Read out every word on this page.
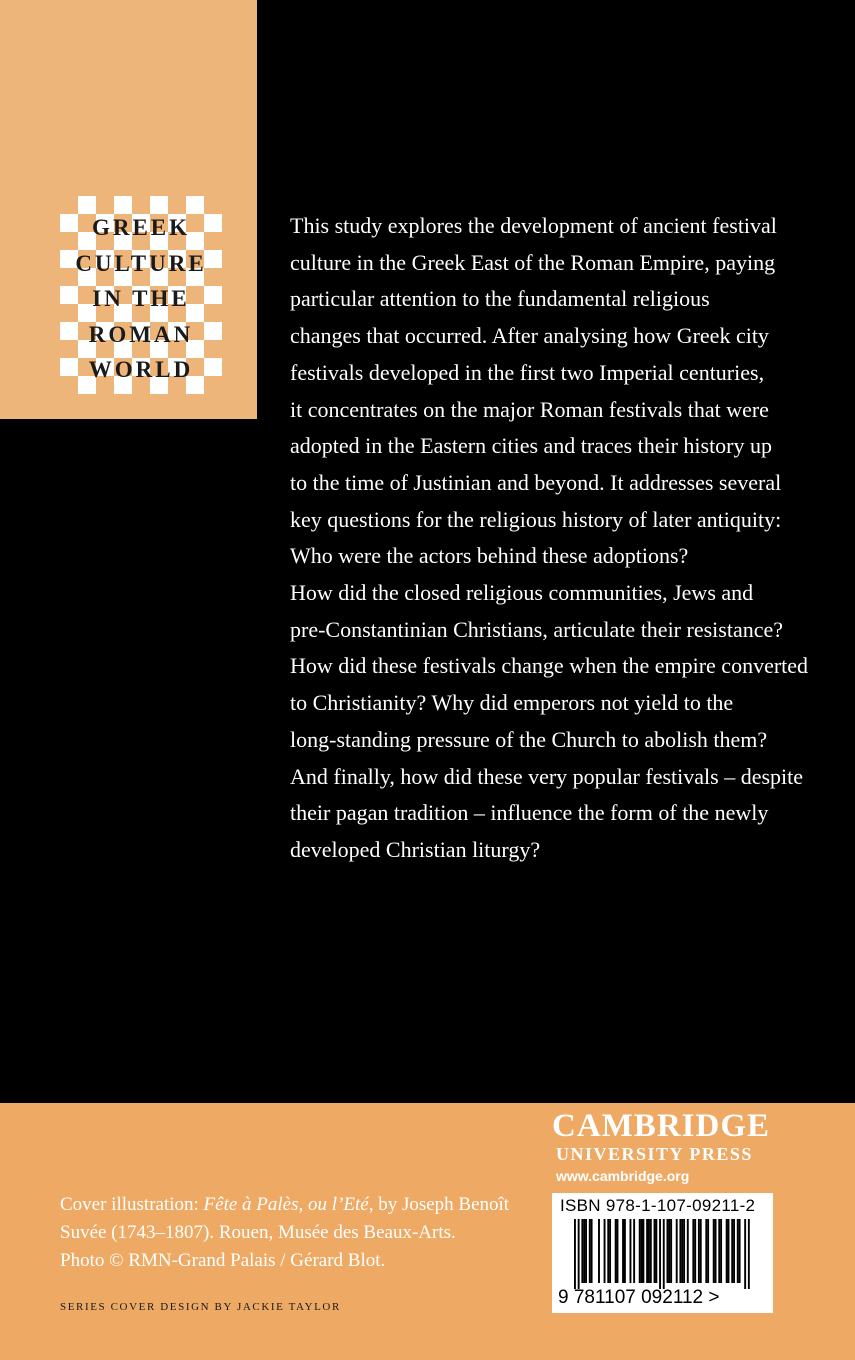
GREEK
CULTURE
IN THE
ROMAN
WORLD
This study explores the development of ancient festival
culture in the Greek East of the Roman Empire, paying
particular attention to the fundamental religious
changes that occurred. After analysing how Greek city
festivals developed in the first two Imperial centuries,
it concentrates on the major Roman festivals that were
adopted in the Eastern cities and traces their history up
to the time of Justinian and beyond. It addresses several
key questions for the religious history of later antiquity:
Who were the actors behind these adoptions?
How did the closed religious communities, Jews and
pre-Constantinian Christians, articulate their resistance?
How did these festivals change when the empire converted
to Christianity? Why did emperors not yield to the
long-standing pressure of the Church to abolish them?
And finally, how did these very popular festivals – despite
their pagan tradition – influence the form of the newly
developed Christian liturgy?
CAMBRIDGE
UNIVERSITY PRESS
www.cambridge.org
Cover illustration: Fête à Palès, ou l’Eté, by Joseph Benoît
Suvée (1743–1807). Rouen, Musée des Beaux-Arts.
Photo © RMN-Grand Palais / Gérard Blot.
SERIES COVER DESIGN BY JACKIE TAYLOR
ISBN 978-1-107-09211-2
9 781107 092112 >
